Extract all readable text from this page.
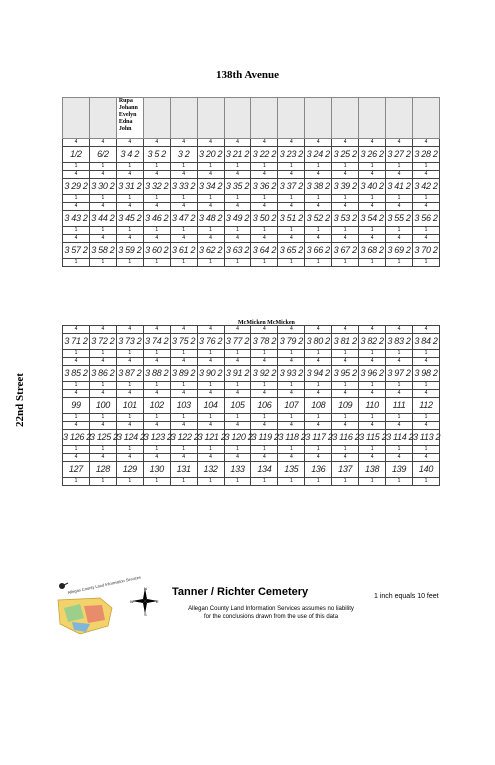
138th Avenue
22nd Street

		Rupa
Johann
Evelyn
Edna
John											

4	4	4	4	4	4	4	4	4	4	4	4	4	4
1/2	6/2	3 4 2	3 5 2	3 2	3 20 2	3 21 2	3 22 2	3 23 2	3 24 2	3 25 2	3 26 2	3 27 2	3 28 2
1	1	1	1	1	1	1	1	1	1	1	1	1	1
4	4	4	4	4	4	4	4	4	4	4	4	4	4
3 29 2	3 30 2	3 31 2	3 32 2	3 33 2	3 34 2	3 35 2	3 36 2	3 37 2	3 38 2	3 39 2	3 40 2	3 41 2	3 42 2
1	1	1	1	1	1	1	1	1	1	1	1	1	1
4	4	4	4	4	4	4	4	4	4	4	4	4	4
3 43 2	3 44 2	3 45 2	3 46 2	3 47 2	3 48 2	3 49 2	3 50 2	3 51 2	3 52 2	3 53 2	3 54 2	3 55 2	3 56 2
1	1	1	1	1	1	1	1	1	1	1	1	1	1
4	4	4	4	4	4	4	4	4	4	4	4	4	4
3 57 2	3 58 2	3 59 2	3 60 2	3 61 2	3 62 2	3 63 2	3 64 2	3 65 2	3 66 2	3 67 2	3 68 2	3 69 2	3 70 2
1	1	1	1	1	1	1	1	1	1	1	1	1	1
McMicken McMicken
4	4	4	4	4	4	4	4	4	4	4	4	4	4
3 71 2	3 72 2	3 73 2	3 74 2	3 75 2	3 76 2	3 77 2	3 78 2	3 79 2	3 80 2	3 81 2	3 82 2	3 83 2	3 84 2
1	1	1	1	1	1	1	1	1	1	1	1	1	1
4	4	4	4	4	4	4	4	4	4	4	4	4	4
3 85 2	3 86 2	3 87 2	3 88 2	3 89 2	3 90 2	3 91 2	3 92 2	3 93 2	3 94 2	3 95 2	3 96 2	3 97 2	3 98 2
1	1	1	1	1	1	1	1	1	1	1	1	1	1
4	4	4	4	4	4	4	4	4	4	4	4	4	4
99	100	101	102	103	104	105	106	107	108	109	110	111	112
1	1	1	1	1	1	1	1	1	1	1	1	1	1
4	4	4	4	4	4	4	4	4	4	4	4	4	4
3 126 2	3 125 2	3 124 2	3 123 2	3 122 2	3 121 2	3 120 2	3 119 2	3 118 2	3 117 2	3 116 2	3 115 2	3 114 2	3 113 2
1	1	1	1	1	1	1	1	1	1	1	1	1	1
4	4	4	4	4	4	4	4	4	4	4	4	4	4
127	128	129	130	131	132	133	134	135	136	137	138	139	140
1	1	1	1	1	1	1	1	1	1	1	1	1	1
Allegan County Land Information Services N
S
W	E
Tanner / Richter Cemetery
Allegan County Land Information Services assumes no liability for the conclusions drawn from the use of this data
1 inch equals 10 feet
